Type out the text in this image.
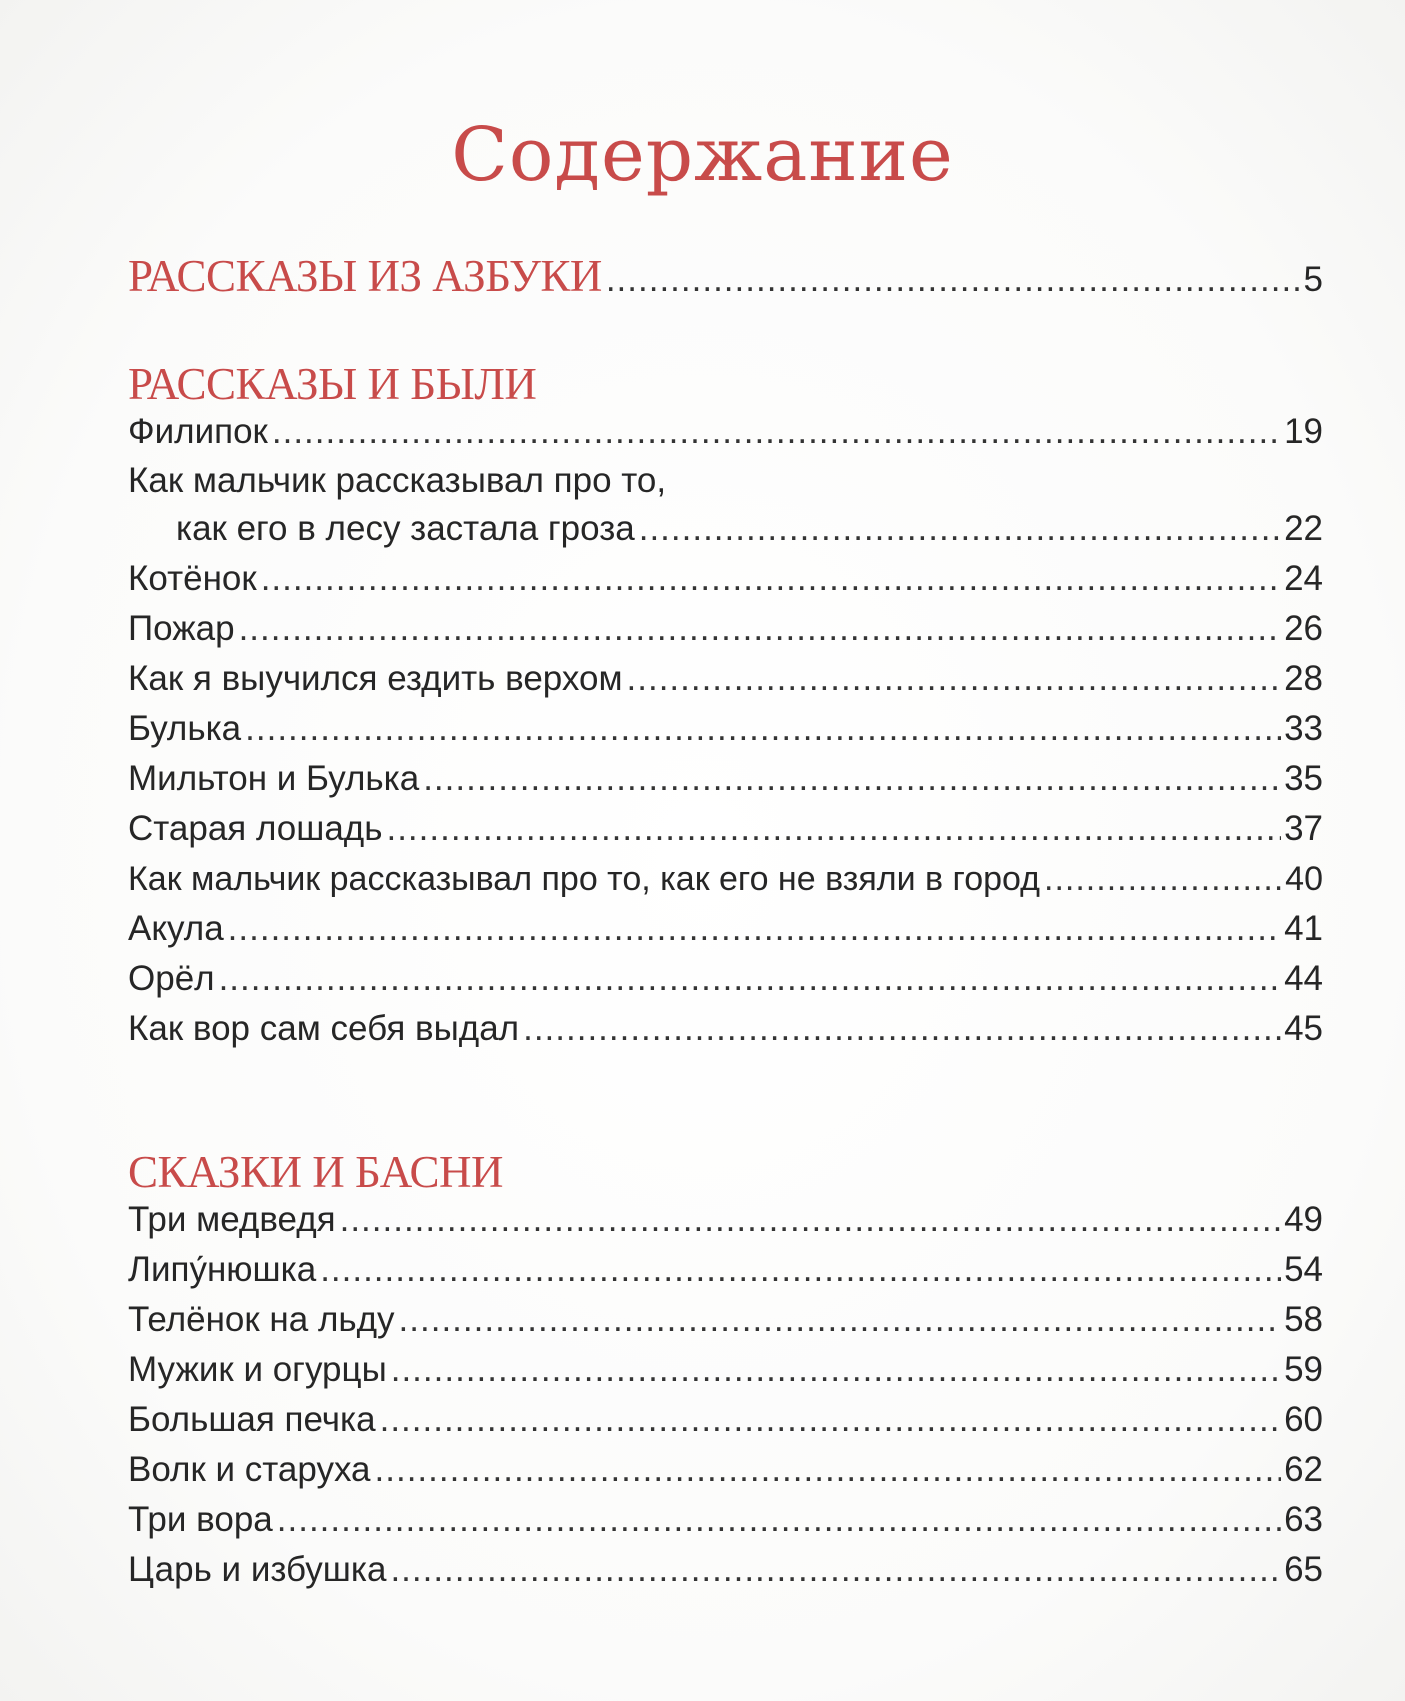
Содержание
РАССКАЗЫ ИЗ АЗБУКИ .....	5
РАССКАЗЫ И БЫЛИ
Филипок .....	19
Как мальчик рассказывал про то,
как его в лесу застала гроза .....	22
Котёнок .....	24
Пожар .....	26
Как я выучился ездить верхом .....	28
Булька .....	33
Мильтон и Булька .....	35
Старая лошадь .....	37
Как мальчик рассказывал про то, как его не взяли в город .....	40
Акула .....	41
Орёл .....	44
Как вор сам себя выдал .....	45
СКАЗКИ И БАСНИ
Три медведя .....	49
Липу́нюшка .....	54
Телёнок на льду .....	58
Мужик и огурцы .....	59
Большая печка .....	60
Волк и старуха .....	62
Три вора .....	63
Царь и избушка .....	65
